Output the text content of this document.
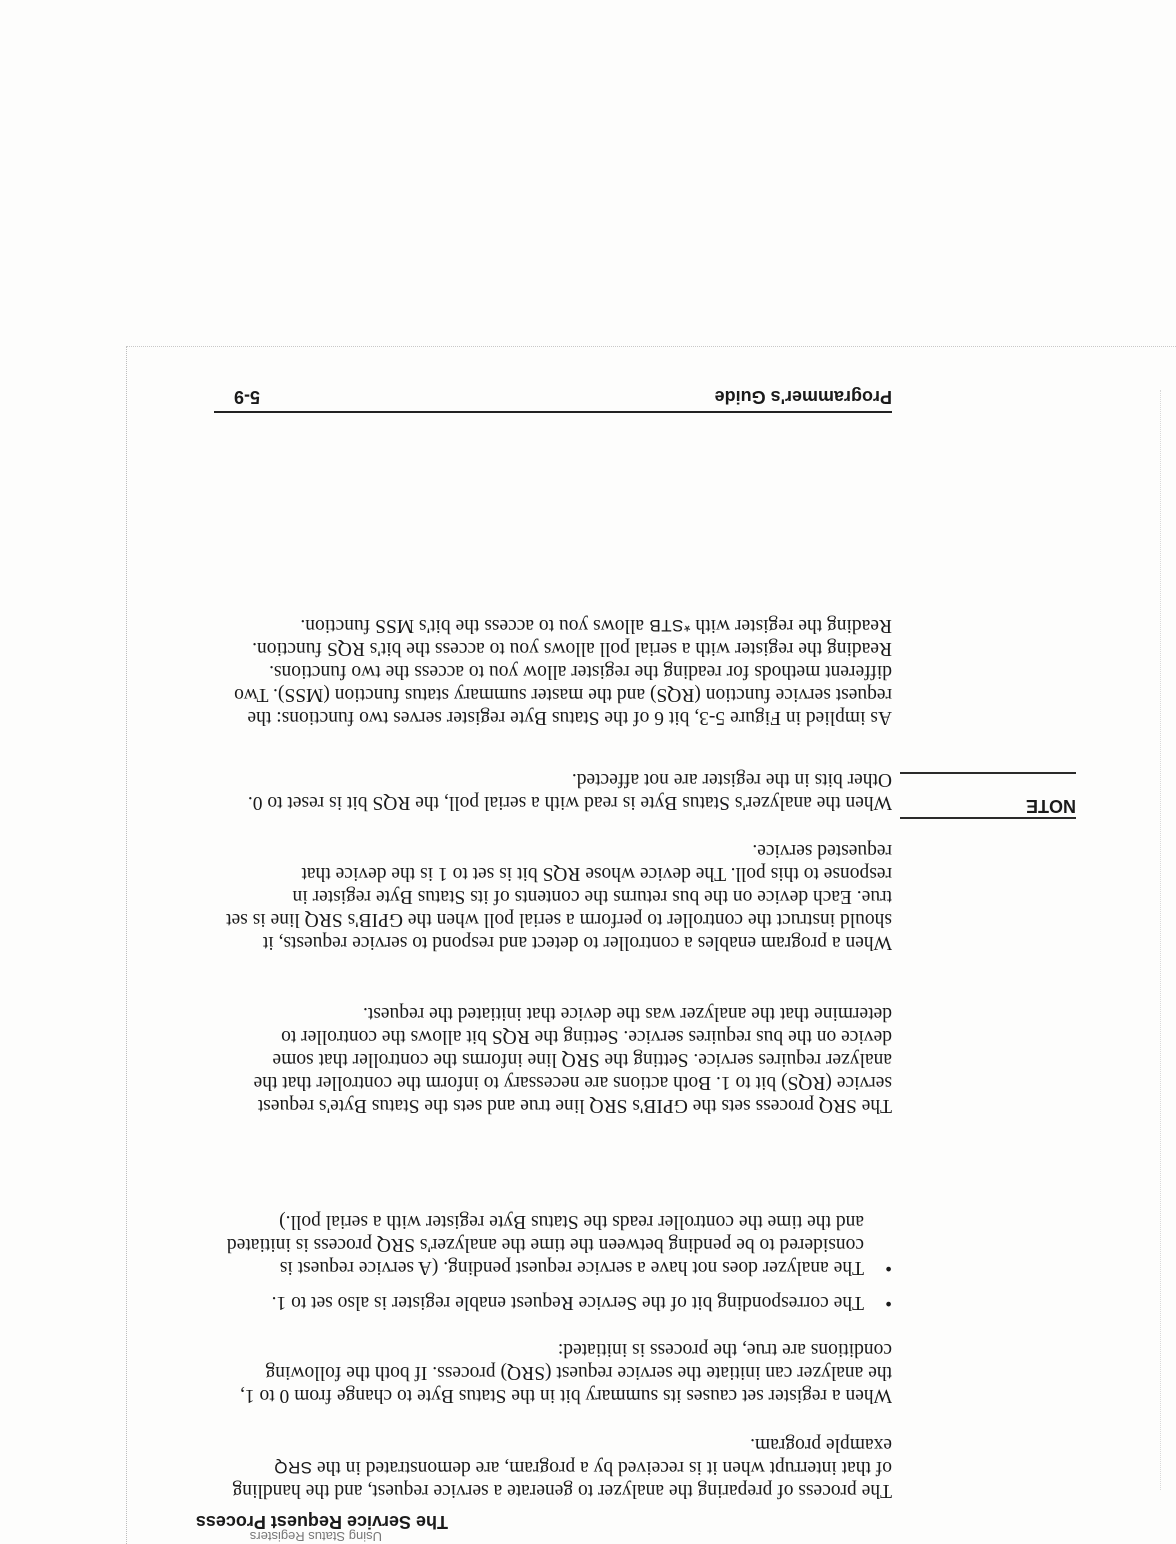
Using Status Registers
The Service Request Process

The process of preparing the analyzer to generate a service request, and the handling of that interrupt when it is received by a program, are demonstrated in the SRQ example program.

When a register set causes its summary bit in the Status Byte to change from 0 to 1, the analyzer can initiate the service request (SRQ) process. If both the following conditions are true, the process is initiated:

•
The corresponding bit of the Service Request enable register is also set to 1.
•
The analyzer does not have a service request pending. (A service request is considered to be pending between the time the analyzer's SRQ process is initiated and the time the controller reads the Status Byte register with a serial poll.)

The SRQ process sets the GPIB's SRQ line true and sets the Status Byte's request service (RQS) bit to 1. Both actions are necessary to inform the controller that the analyzer requires service. Setting the SRQ line informs the controller that some device on the bus requires service. Setting the RQS bit allows the controller to determine that the analyzer was the device that initiated the request.

When a program enables a controller to detect and respond to service requests, it should instruct the controller to perform a serial poll when the GPIB's SRQ line is set true. Each device on the bus returns the contents of its Status Byte register in response to this poll. The device whose RQS bit is set to 1 is the device that requested service.

NOTE

When the analyzer's Status Byte is read with a serial poll, the RQS bit is reset to 0. Other bits in the register are not affected.

As implied in Figure 5-3, bit 6 of the Status Byte register serves two functions: the request service function (RQS) and the master summary status function (MSS). Two different methods for reading the register allow you to access the two functions. Reading the register with a serial poll allows you to access the bit's RQS function. Reading the register with *STB allows you to access the bit's MSS function.

Programmer's Guide
5-9
